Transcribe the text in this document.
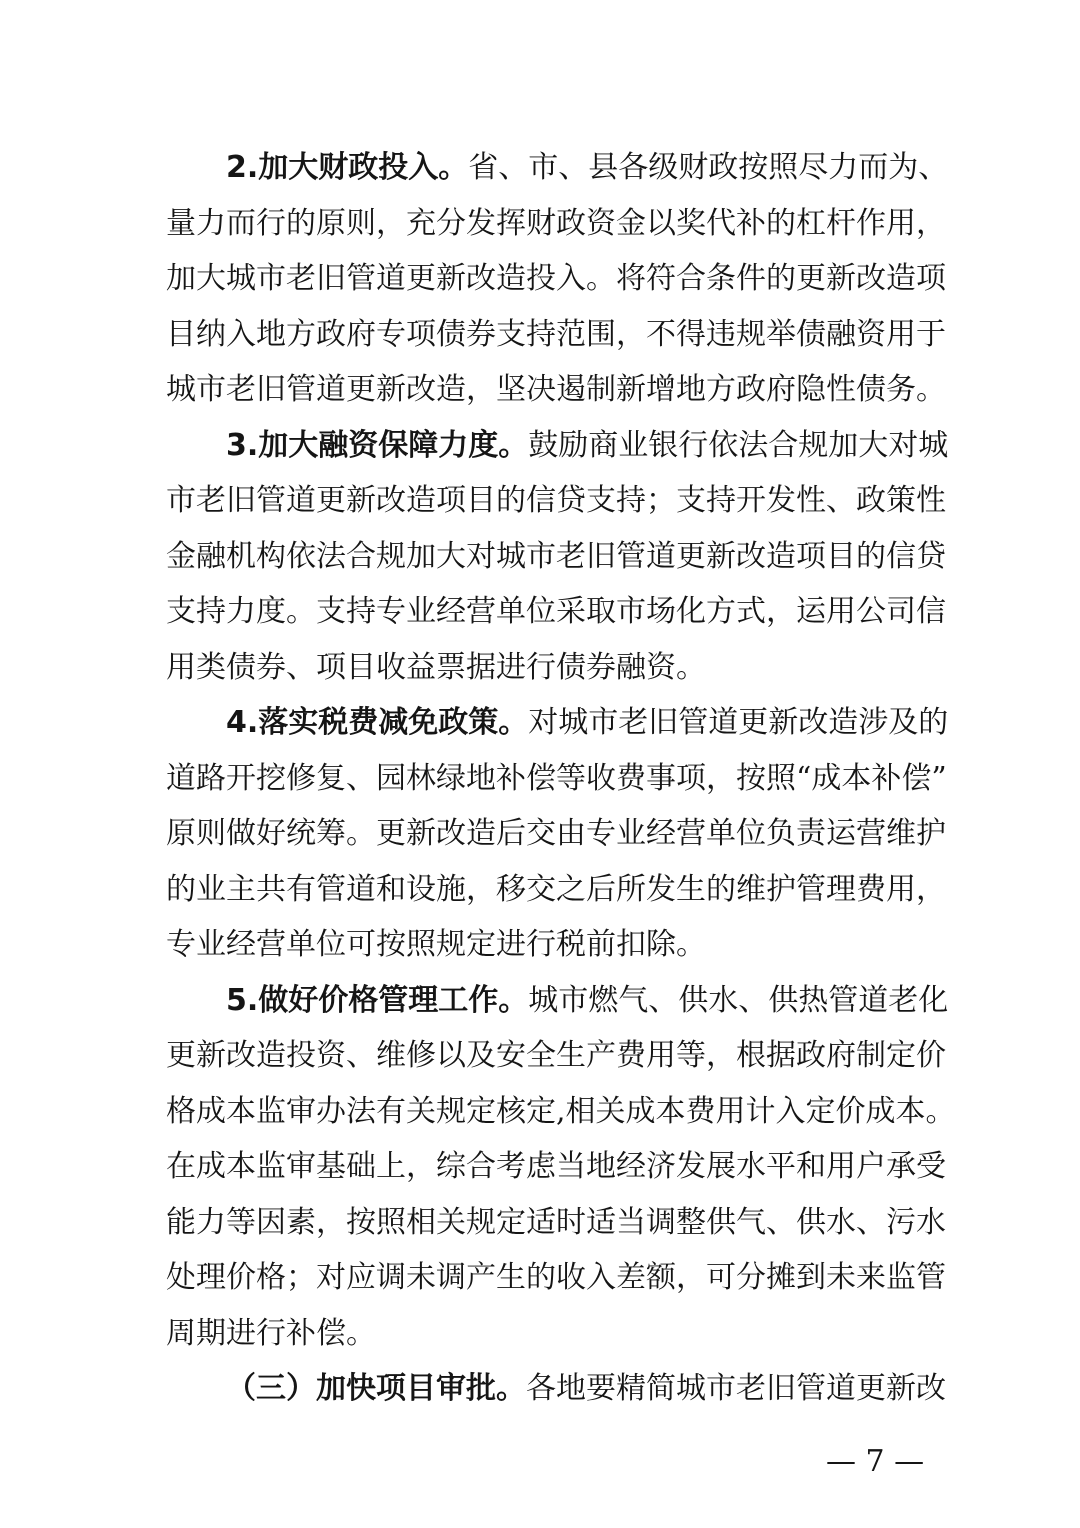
2.加大财政投入。省、市、县各级财政按照尽力而为、
量力而行的原则，充分发挥财政资金以奖代补的杠杆作用，
加大城市老旧管道更新改造投入。将符合条件的更新改造项
目纳入地方政府专项债券支持范围，不得违规举债融资用于
城市老旧管道更新改造，坚决遏制新增地方政府隐性债务。
3.加大融资保障力度。鼓励商业银行依法合规加大对城
市老旧管道更新改造项目的信贷支持；支持开发性、政策性
金融机构依法合规加大对城市老旧管道更新改造项目的信贷
支持力度。支持专业经营单位采取市场化方式，运用公司信
用类债券、项目收益票据进行债券融资。
4.落实税费减免政策。对城市老旧管道更新改造涉及的
道路开挖修复、园林绿地补偿等收费事项，按照“成本补偿”
原则做好统筹。更新改造后交由专业经营单位负责运营维护
的业主共有管道和设施，移交之后所发生的维护管理费用，
专业经营单位可按照规定进行税前扣除。
5.做好价格管理工作。城市燃气、供水、供热管道老化
更新改造投资、维修以及安全生产费用等，根据政府制定价
格成本监审办法有关规定核定,相关成本费用计入定价成本。
在成本监审基础上，综合考虑当地经济发展水平和用户承受
能力等因素，按照相关规定适时适当调整供气、供水、污水
处理价格；对应调未调产生的收入差额，可分摊到未来监管
周期进行补偿。
（三）加快项目审批。各地要精简城市老旧管道更新改
— 7 —
